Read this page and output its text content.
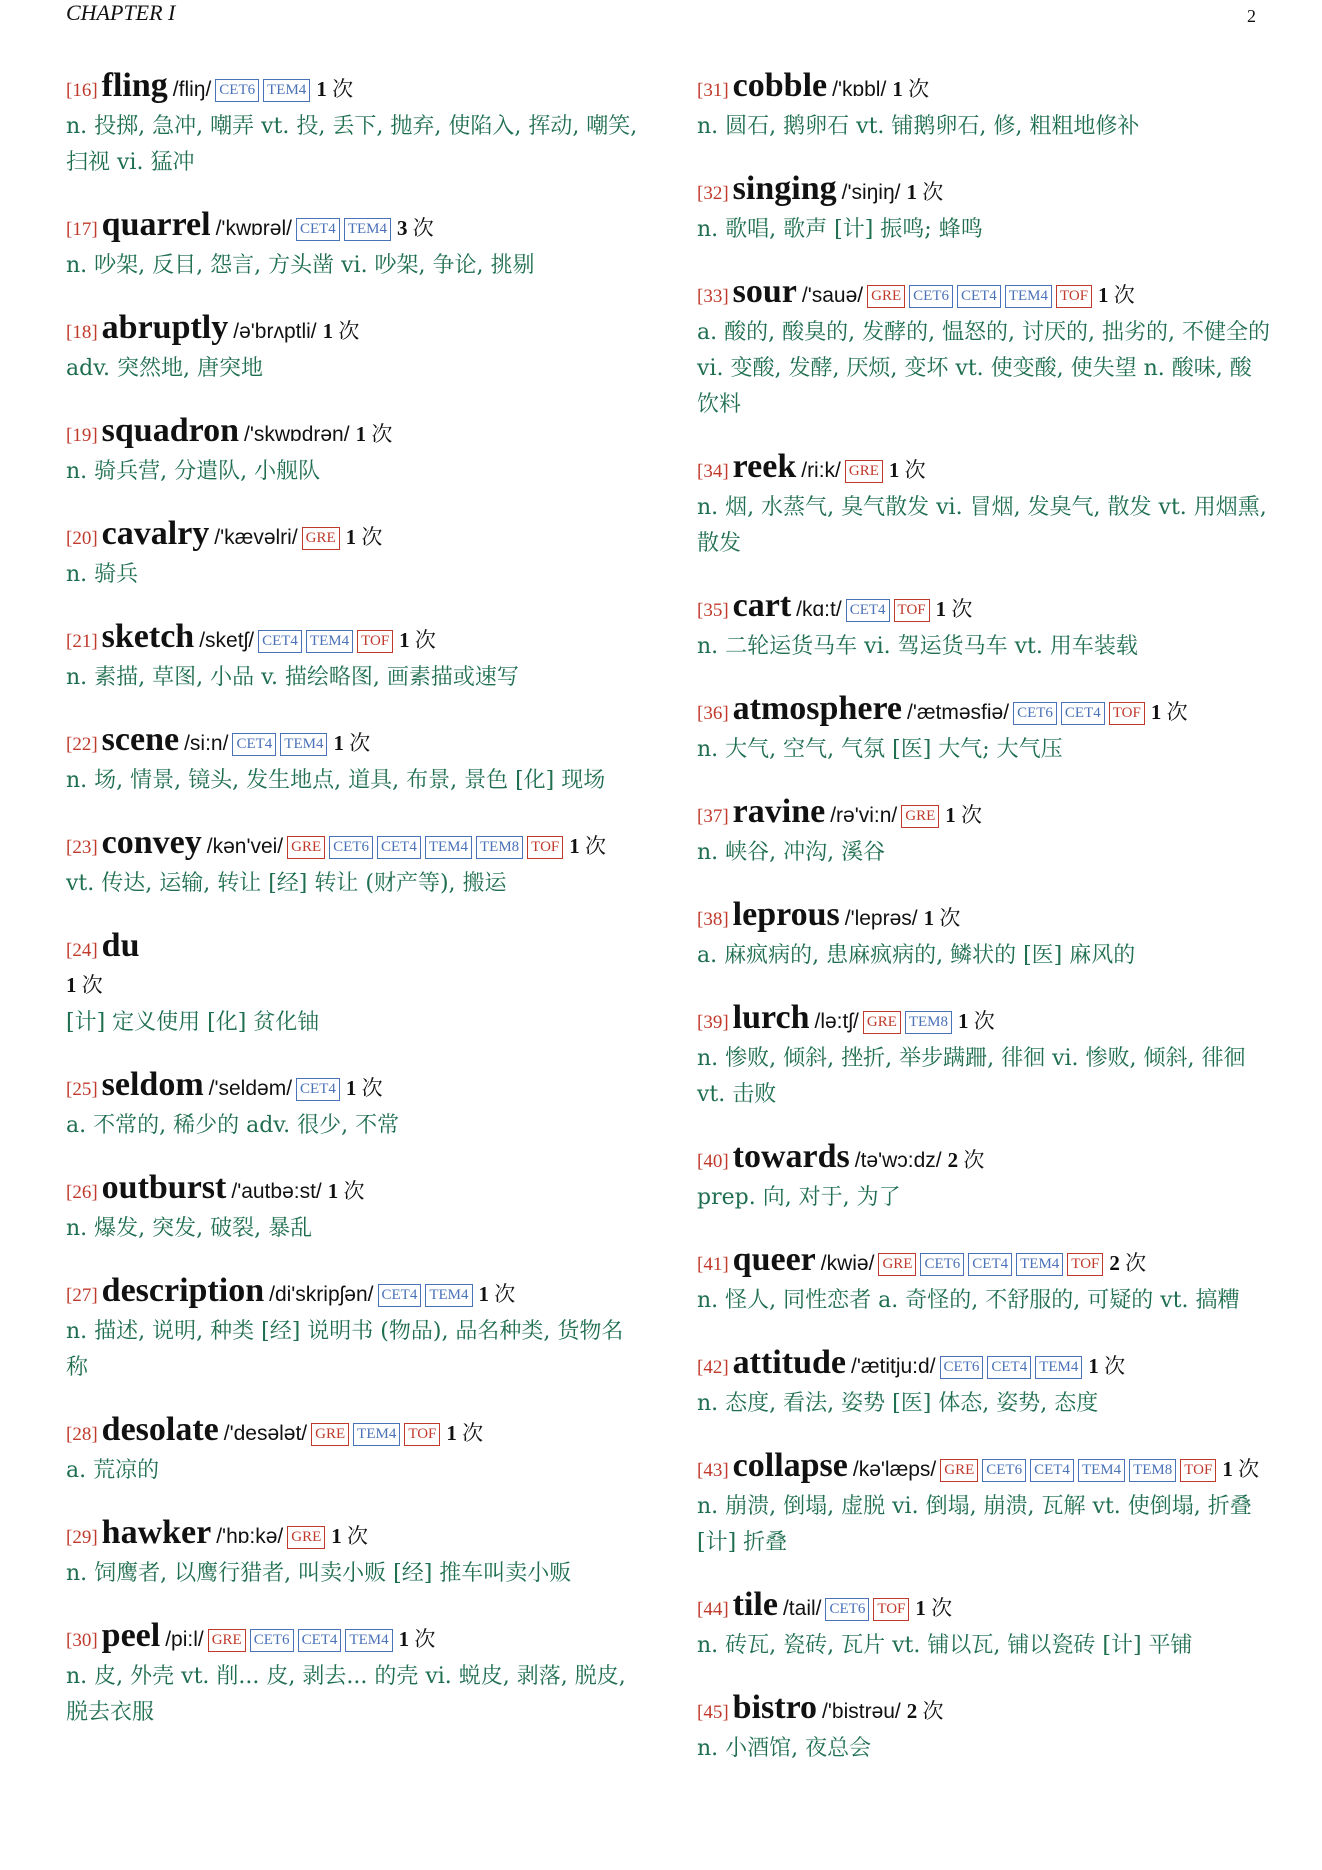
CHAPTER I	2
[16] fling /fliŋ/ CET6 TEM4 1 次
n. 投掷, 急冲, 嘲弄 vt. 投, 丢下, 抛弃, 使陷入, 挥动, 嘲笑, 扫视 vi. 猛冲
[17] quarrel /'kwɒrəl/ CET4 TEM4 3 次
n. 吵架, 反目, 怨言, 方头凿 vi. 吵架, 争论, 挑剔
[18] abruptly /ə'brʌptli/ 1 次
adv. 突然地, 唐突地
[19] squadron /'skwɒdrən/ 1 次
n. 骑兵营, 分遣队, 小舰队
[20] cavalry /'kævəlri/ GRE 1 次
n. 骑兵
[21] sketch /sketʃ/ CET4 TEM4 TOF 1 次
n. 素描, 草图, 小品 v. 描绘略图, 画素描或速写
[22] scene /si:n/ CET4 TEM4 1 次
n. 场, 情景, 镜头, 发生地点, 道具, 布景, 景色 [化] 现场
[23] convey /kən'vei/ GRE CET6 CET4 TEM4 TEM8 TOF 1 次
vt. 传达, 运输, 转让 [经] 转让 (财产等), 搬运
[24] du
1 次
[计] 定义使用 [化] 贫化铀
[25] seldom /'seldəm/ CET4 1 次
a. 不常的, 稀少的 adv. 很少, 不常
[26] outburst /'autbə:st/ 1 次
n. 爆发, 突发, 破裂, 暴乱
[27] description /di'skripʃən/ CET4 TEM4 1 次
n. 描述, 说明, 种类 [经] 说明书 (物品), 品名种类, 货物名称
[28] desolate /'desələt/ GRE TEM4 TOF 1 次
a. 荒凉的
[29] hawker /'hɒ:kə/ GRE 1 次
n. 饲鹰者, 以鹰行猎者, 叫卖小贩 [经] 推车叫卖小贩
[30] peel /pi:l/ GRE CET6 CET4 TEM4 1 次
n. 皮, 外壳 vt. 削... 皮, 剥去... 的壳 vi. 蜕皮, 剥落, 脱皮, 脱去衣服
[31] cobble /'kɒbl/ 1 次
n. 圆石, 鹅卵石 vt. 铺鹅卵石, 修, 粗粗地修补
[32] singing /'siŋiŋ/ 1 次
n. 歌唱, 歌声 [计] 振鸣; 蜂鸣
[33] sour /'sauə/ GRE CET6 CET4 TEM4 TOF 1 次
a. 酸的, 酸臭的, 发酵的, 愠怒的, 讨厌的, 拙劣的, 不健全的 vi. 变酸, 发酵, 厌烦, 变坏 vt. 使变酸, 使失望 n. 酸味, 酸饮料
[34] reek /ri:k/ GRE 1 次
n. 烟, 水蒸气, 臭气散发 vi. 冒烟, 发臭气, 散发 vt. 用烟熏, 散发
[35] cart /kɑ:t/ CET4 TOF 1 次
n. 二轮运货马车 vi. 驾运货马车 vt. 用车装载
[36] atmosphere /'ætməsfiə/ CET6 CET4 TOF 1 次
n. 大气, 空气, 气氛 [医] 大气; 大气压
[37] ravine /rə'vi:n/ GRE 1 次
n. 峡谷, 冲沟, 溪谷
[38] leprous /'leprəs/ 1 次
a. 麻疯病的, 患麻疯病的, 鳞状的 [医] 麻风的
[39] lurch /lə:tʃ/ GRE TEM8 1 次
n. 惨败, 倾斜, 挫折, 举步蹒跚, 徘徊 vi. 惨败, 倾斜, 徘徊 vt. 击败
[40] towards /tə'wɔ:dz/ 2 次
prep. 向, 对于, 为了
[41] queer /kwiə/ GRE CET6 CET4 TEM4 TOF 2 次
n. 怪人, 同性恋者 a. 奇怪的, 不舒服的, 可疑的 vt. 搞糟
[42] attitude /'ætitju:d/ CET6 CET4 TEM4 1 次
n. 态度, 看法, 姿势 [医] 体态, 姿势, 态度
[43] collapse /kə'læps/ GRE CET6 CET4 TEM4 TEM8 TOF 1 次
n. 崩溃, 倒塌, 虚脱 vi. 倒塌, 崩溃, 瓦解 vt. 使倒塌, 折叠 [计] 折叠
[44] tile /tail/ CET6 TOF 1 次
n. 砖瓦, 瓷砖, 瓦片 vt. 铺以瓦, 铺以瓷砖 [计] 平铺
[45] bistro /'bistrəu/ 2 次
n. 小酒馆, 夜总会
